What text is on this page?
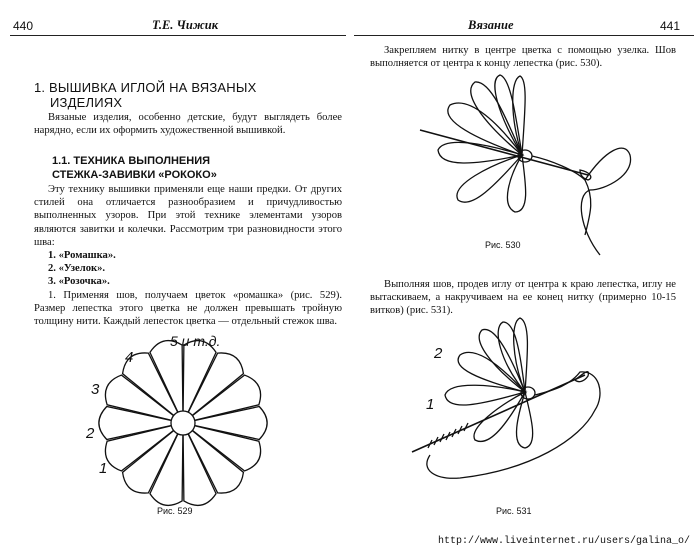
440	Т.Е. Чижик
1. ВЫШИВКА ИГЛОЙ НА ВЯЗАНЫХ
ИЗДЕЛИЯХ

Вязаные изделия, особенно детские, будут выглядеть более нарядно, если их оформить художественной вышивкой.

1.1. ТЕХНИКА ВЫПОЛНЕНИЯ
СТЕЖКА-ЗАВИВКИ «РОКОКО»

Эту технику вышивки применяли еще наши предки. От других стилей она отличается разнообразием и причудливостью выполненных узоров. При этой технике элементами узоров являются завитки и колечки. Рассмотрим три разновидности этого шва:

1. «Ромашка».
2. «Узелок».
3. «Розочка».

1. Применяя шов, получаем цветок «ромашка» (рис. 529). Размер лепестка этого цветка не должен превышать тройную толщину нити. Каждый лепесток цветка — отдельный стежок шва.

5 и т.д.
4
3
2
1
Рис. 529
Вязание	441

Закрепляем нитку в центре цветка с помощью узелка. Шов выполняется от центра к концу лепестка (рис. 530).

Рис. 530

Выполняя шов, продев иглу от центра к краю лепестка, иглу не вытаскиваем, а накручиваем на ее конец нитку (примерно 10-15 витков) (рис. 531).

2
1
Рис. 531
http://www.liveinternet.ru/users/galina_o/
